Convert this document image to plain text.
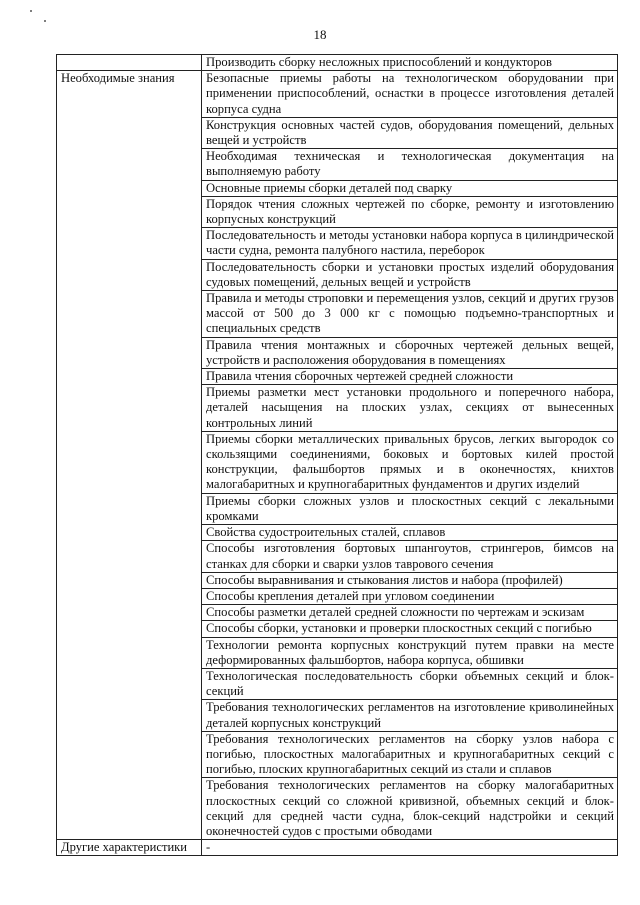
18
	Производить сборку несложных приспособлений и кондукторов
Необходимые знания	Безопасные приемы работы на технологическом оборудовании при применении приспособлений, оснастки в процессе изготовления деталей корпуса судна
	Конструкция основных частей судов, оборудования помещений, дельных вещей и устройств
	Необходимая техническая и технологическая документация на выполняемую работу
	Основные приемы сборки деталей под сварку
	Порядок чтения сложных чертежей по сборке, ремонту и изготовлению корпусных конструкций
	Последовательность и методы установки набора корпуса в цилиндрической части судна, ремонта палубного настила, переборок
	Последовательность сборки и установки простых изделий оборудования судовых помещений, дельных вещей и устройств
	Правила и методы строповки и перемещения узлов, секций и других грузов массой от 500 до 3 000 кг с помощью подъемно-транспортных и специальных средств
	Правила чтения монтажных и сборочных чертежей дельных вещей, устройств и расположения оборудования в помещениях
	Правила чтения сборочных чертежей средней сложности
	Приемы разметки мест установки продольного и поперечного набора, деталей насыщения на плоских узлах, секциях от вынесенных контрольных линий
	Приемы сборки металлических привальных брусов, легких выгородок со скользящими соединениями, боковых и бортовых килей простой конструкции, фальшбортов прямых и в оконечностях, книхтов малогабаритных и крупногабаритных фундаментов и других изделий
	Приемы сборки сложных узлов и плоскостных секций с лекальными кромками
	Свойства судостроительных сталей, сплавов
	Способы изготовления бортовых шпангоутов, стрингеров, бимсов на станках для сборки и сварки узлов таврового сечения
	Способы выравнивания и стыкования листов и набора (профилей)
	Способы крепления деталей при угловом соединении
	Способы разметки деталей средней сложности по чертежам и эскизам
	Способы сборки, установки и проверки плоскостных секций с погибью
	Технологии ремонта корпусных конструкций путем правки на месте деформированных фальшбортов, набора корпуса, обшивки
	Технологическая последовательность сборки объемных секций и блок-секций
	Требования технологических регламентов на изготовление криволинейных деталей корпусных конструкций
	Требования технологических регламентов на сборку узлов набора с погибью, плоскостных малогабаритных и крупногабаритных секций с погибью, плоских крупногабаритных секций из стали и сплавов
	Требования технологических регламентов на сборку малогабаритных плоскостных секций со сложной кривизной, объемных секций и блок-секций для средней части судна, блок-секций надстройки и секций оконечностей судов с простыми обводами
Другие характеристики	-
